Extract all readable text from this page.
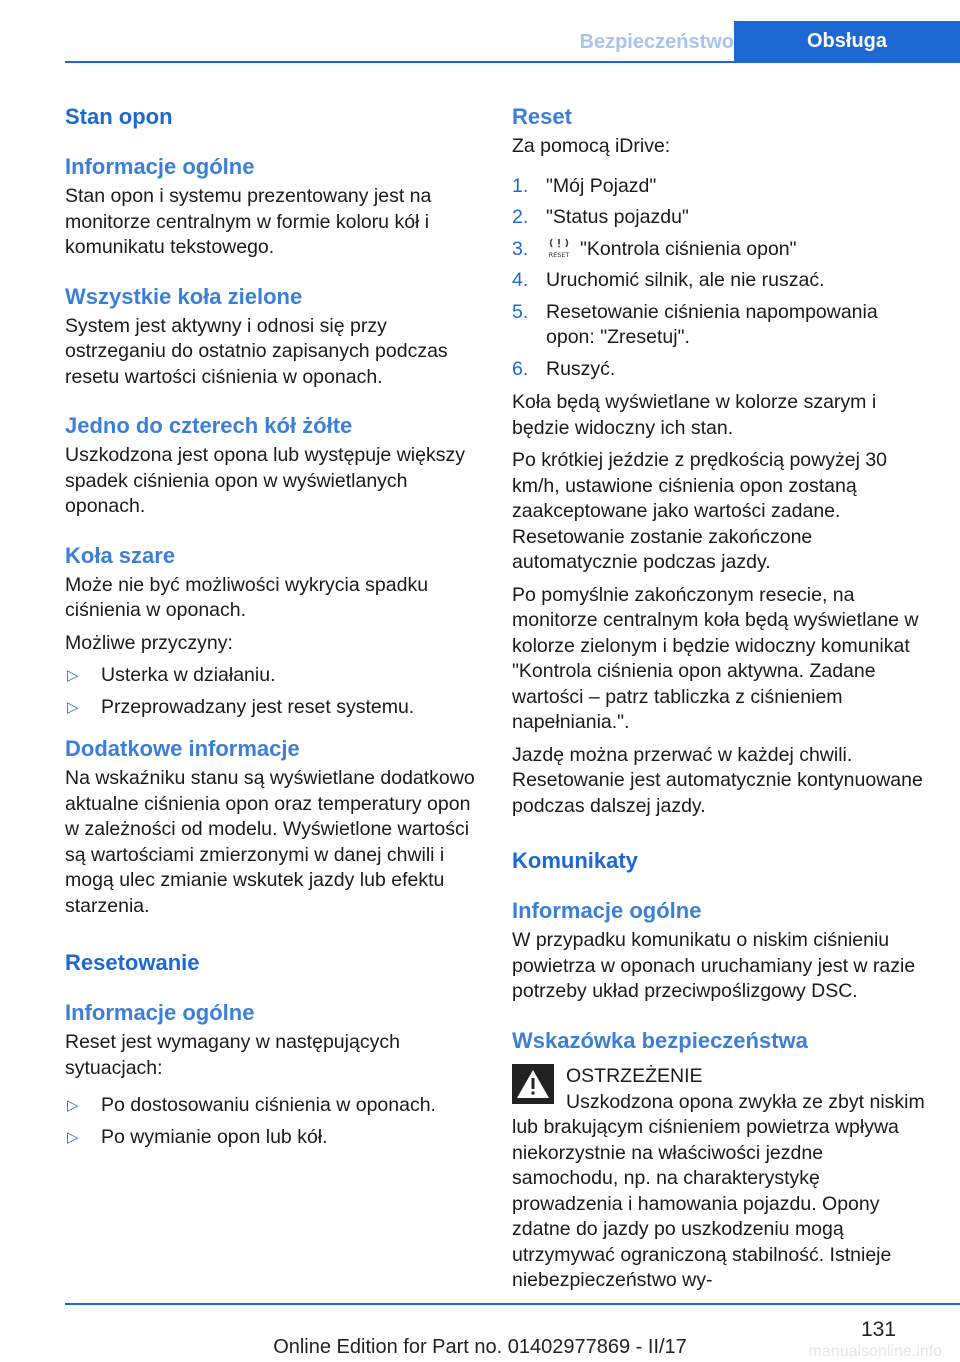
Bezpieczeństwo	Obsługa
Stan opon
Informacje ogólne

Stan opon i systemu prezentowany jest na monitorze centralnym w formie koloru kół i komunikatu tekstowego.

Wszystkie koła zielone

System jest aktywny i odnosi się przy ostrzeganiu do ostatnio zapisanych podczas resetu wartości ciśnienia w oponach.

Jedno do czterech kół żółte

Uszkodzona jest opona lub występuje większy spadek ciśnienia opon w wyświetlanych oponach.

Koła szare

Może nie być możliwości wykrycia spadku ciśnienia w oponach.

Możliwe przyczyny:

▷	Usterka w działaniu.
▷	Przeprowadzany jest reset systemu.
Dodatkowe informacje

Na wskaźniku stanu są wyświetlane dodatkowo aktualne ciśnienia opon oraz temperatury opon w zależności od modelu. Wyświetlone wartości są wartościami zmierzonymi w danej chwili i mogą ulec zmianie wskutek jazdy lub efektu starzenia.

Resetowanie
Informacje ogólne

Reset jest wymagany w następujących sytuacjach:

▷	Po dostosowaniu ciśnienia w oponach.
▷	Po wymianie opon lub kół.
Reset

Za pomocą iDrive:

1. "Mój Pojazd"
2. "Status pojazdu"
3.	RESET "Kontrola ciśnienia opon"
4. Uruchomić silnik, ale nie ruszać.
5. Resetowanie ciśnienia napompowania opon: "Zresetuj".
6. Ruszyć.

Koła będą wyświetlane w kolorze szarym i będzie widoczny ich stan.

Po krótkiej jeździe z prędkością powyżej 30 km/h, ustawione ciśnienia opon zostaną zaakceptowane jako wartości zadane. Resetowanie zostanie zakończone automatycznie podczas jazdy.

Po pomyślnie zakończonym resecie, na monitorze centralnym koła będą wyświetlane w kolorze zielonym i będzie widoczny komunikat "Kontrola ciśnienia opon aktywna. Zadane wartości – patrz tabliczka z ciśnieniem napełniania.".

Jazdę można przerwać w każdej chwili. Resetowanie jest automatycznie kontynuowane podczas dalszej jazdy.

Komunikaty
Informacje ogólne

W przypadku komunikatu o niskim ciśnieniu powietrza w oponach uruchamiany jest w razie potrzeby układ przeciwpoślizgowy DSC.

Wskazówka bezpieczeństwa
OSTRZEŻENIE

Uszkodzona opona zwykła ze zbyt niskim lub brakującym ciśnieniem powietrza wpływa niekorzystnie na właściwości jezdne samochodu, np. na charakterystykę prowadzenia i hamowania pojazdu. Opony zdatne do jazdy po uszkodzeniu mogą utrzymywać ograniczoną stabilność. Istnieje niebezpieczeństwo wy-

131
Online Edition for Part no. 01402977869 - II/17	manualsonline.info
